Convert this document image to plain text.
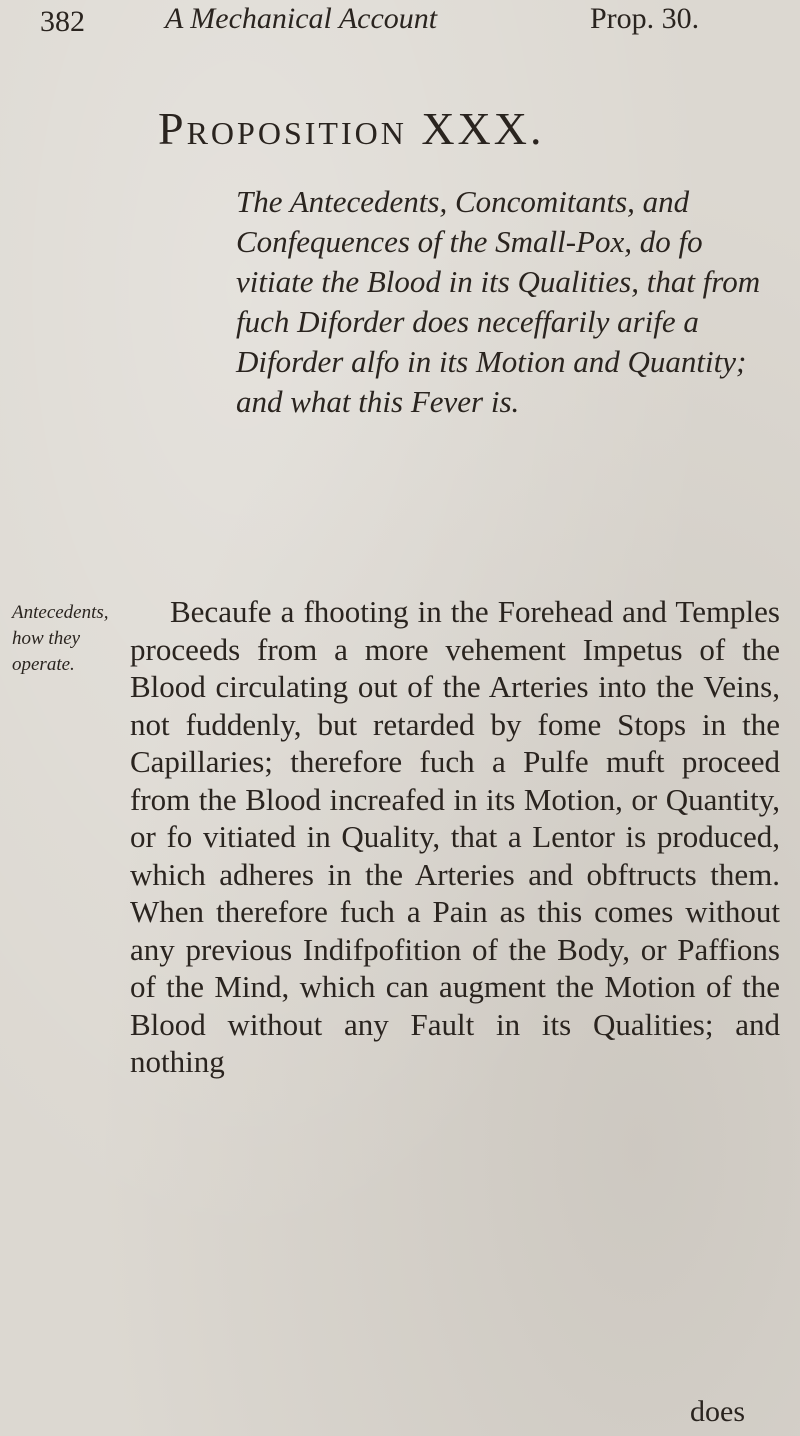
382	A Mechanical Account	Prop. 30.
Proposition XXX.
The Antecedents, Concomitants, and Confequences of the Small-Pox, do fo vitiate the Blood in its Qualities, that from fuch Diforder does neceffarily arife a Diforder alfo in its Motion and Quantity; and what this Fever is.
Antecedents, how they operate.
Becaufe a fhooting in the Forehead and Temples proceeds from a more vehement Impetus of the Blood circulating out of the Arteries into the Veins, not fuddenly, but retarded by fome Stops in the Capillaries; therefore fuch a Pulfe muft proceed from the Blood increafed in its Motion, or Quantity, or fo vitiated in Quality, that a Lentor is produced, which adheres in the Arteries and obftructs them. When therefore fuch a Pain as this comes without any previous Indifpofition of the Body, or Paffions of the Mind, which can augment the Motion of the Blood without any Fault in its Qualities; and nothing
does
